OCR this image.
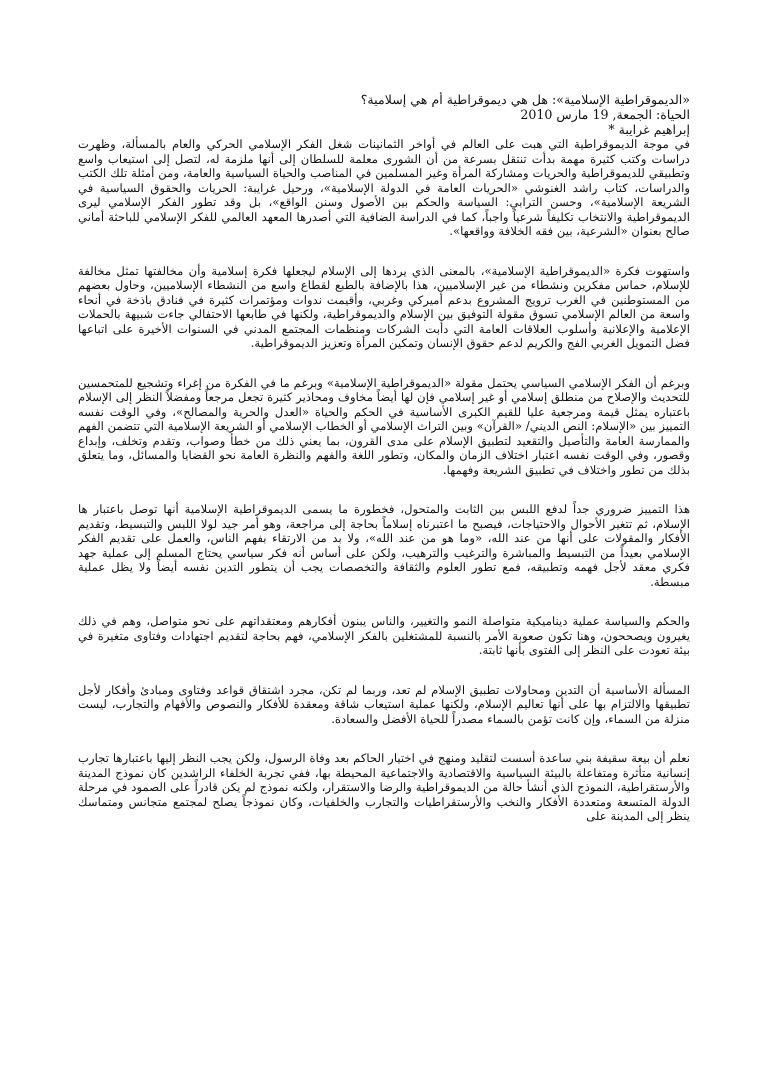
«الديموقراطية الإسلامية»: هل هي ديموقراطية أم هي إسلامية؟

الحياة: الجمعة, 19 مارس 2010

إبراهيم غرايبة *

في موجة الديموقراطية التي هبت على العالم في أواخر الثمانينات شغل الفكر الإسلامي الحركي والعام بالمسألة، وظهرت دراسات وكتب كثيرة مهمة بدأت تنتقل بسرعة من أن الشورى معلمة للسلطان إلى أنها ملزمة له، لتصل إلى استيعاب واسع وتطبيقي للديموقراطية والحريات ومشاركة المرأة وغير المسلمين في المناصب والحياة السياسية والعامة، ومن أمثلة تلك الكتب والدراسات، كتاب راشد الغنوشي «الحريات العامة في الدولة الإسلامية»، ورحيل غرايبة: الحريات والحقوق السياسية في الشريعة الإسلامية»، وحسن الترابي: السياسة والحكم بين الأصول وسنن الواقع»، بل وقد تطور الفكر الإسلامي ليرى الديموقراطية والانتخاب تكليفاً شرعياً واجباً، كما في الدراسة الضافية التي أصدرها المعهد العالمي للفكر الإسلامي للباحثة أماني صالح بعنوان «الشرعية، بين فقه الخلافة وواقعها».

واستهوت فكرة «الديموقراطية الإسلامية»، بالمعنى الذي يردها إلى الإسلام ليجعلها فكرة إسلامية وأن مخالفتها تمثل مخالفة للإسلام، حماس مفكرين ونشطاء من غير الإسلاميين، هذا بالإضافة بالطبع لقطاع واسع من النشطاء الإسلاميين، وحاول بعضهم من المستوطنين في الغرب ترويج المشروع بدعم أميركي وغربي، وأقيمت ندوات ومؤتمرات كثيرة في فنادق باذخة في أنحاء واسعة من العالم الإسلامي تسوق مقولة التوفيق بين الإسلام والديموقراطية، ولكنها في طابعها الاحتفالي جاءت شبيهة بالحملات الإعلامية والإعلانية وأسلوب العلاقات العامة التي دأبت الشركات ومنظمات المجتمع المدني في السنوات الأخيرة على اتباعها فضل التمويل الغربي الفج والكريم لدعم حقوق الإنسان وتمكين المرأة وتعزيز الديموقراطية.

وبرغم أن الفكر الإسلامي السياسي يحتمل مقولة «الديموقراطية الإسلامية» وبرغم ما في الفكرة من إغراء وتشجيع للمتحمسين للتحديث والإصلاح من منطلق إسلامي أو غير إسلامي فإن لها أيضاً مخاوف ومحاذير كثيرة تجعل مرجعاً ومفضلاً النظر إلى الإسلام باعتباره يمثل قيمة ومرجعية عليا للقيم الكبرى الأساسية في الحكم والحياة «العدل والحرية والمصالح»، وفي الوقت نفسه التمييز بين «الإسلام: النص الديني/ «القرآن» وبين التراث الإسلامي أو الخطاب الإسلامي أو الشريعة الإسلامية التي تتضمن الفهم والممارسة العامة والتأصيل والتقعيد لتطبيق الإسلام على مدى القرون، بما يعني ذلك من خطأ وصواب، وتقدم وتخلف، وإبداع وقصور، وفي الوقت نفسه اعتبار اختلاف الزمان والمكان، وتطور اللغة والفهم والنظرة العامة نحو القضايا والمسائل، وما يتعلق بذلك من تطور واختلاف في تطبيق الشريعة وفهمها.

هذا التمييز ضروري جداً لدفع اللبس بين الثابت والمتحول، فخطورة ما يسمى الديموقراطية الإسلامية أنها توصل باعتبار ها الإسلام، ثم تتغير الأحوال والاحتياجات، فيصبح ما اعتبرناه إسلاماً بحاجة إلى مراجعة، وهو أمر جيد لولا اللبس والتبسيط، وتقديم الأفكار والمقولات على أنها من عند الله، «وما هو من عند الله»، ولا بد من الارتقاء بفهم الناس، والعمل على تقديم الفكر الإسلامي بعيداً من التبسيط والمباشرة والترغيب والترهيب، ولكن على أساس أنه فكر سياسي يحتاج المسلم إلى عملية جهد فكري معقد لأجل فهمه وتطبيقه، فمع تطور العلوم والثقافة والتخصصات يجب أن يتطور التدين نفسه أيضاً ولا يظل عملية مبسطة.

والحكم والسياسة عملية ديناميكية متواصلة النمو والتغيير، والناس يبنون أفكارهم ومعتقداتهم على نحو متواصل، وهم في ذلك يغيرون ويصححون، وهنا تكون صعوبة الأمر بالنسبة للمشتغلين بالفكر الإسلامي، فهم بحاجة لتقديم اجتهادات وفتاوى متغيرة في بيئة تعودت على النظر إلى الفتوى بأنها ثابتة.

المسألة الأساسية أن التدين ومحاولات تطبيق الإسلام لم تعد، وربما لم تكن، مجرد اشتقاق قواعد وفتاوى ومبادئ وأفكار لأجل تطبيقها والالتزام بها على أنها تعاليم الإسلام، ولكنها عملية استيعاب شاقة ومعقدة للأفكار والنصوص والأفهام والتجارب، ليست منزلة من السماء، وإن كانت تؤمن بالسماء مصدراً للحياة الأفضل والسعادة.

نعلم أن بيعة سقيفة بني ساعدة أسست لتقليد ومنهج في اختيار الحاكم بعد وفاة الرسول، ولكن يجب النظر إليها باعتبارها تجارب إنسانية متأثرة ومتفاعلة بالبيئة السياسية والاقتصادية والاجتماعية المحيطة بها، ففي تجربة الخلفاء الراشدين كان نموذج المدينة والأرستقراطية، النموذج الذي أنشأ حالة من الديموقراطية والرضا والاستقرار، ولكنه نموذج لم يكن قادراً على الصمود في مرحلة الدولة المتسعة ومتعددة الأفكار والنخب والأرستقراطيات والتجارب والخلفيات، وكان نموذجاً يصلح لمجتمع متجانس ومتماسك ينظر إلى المدينة على
